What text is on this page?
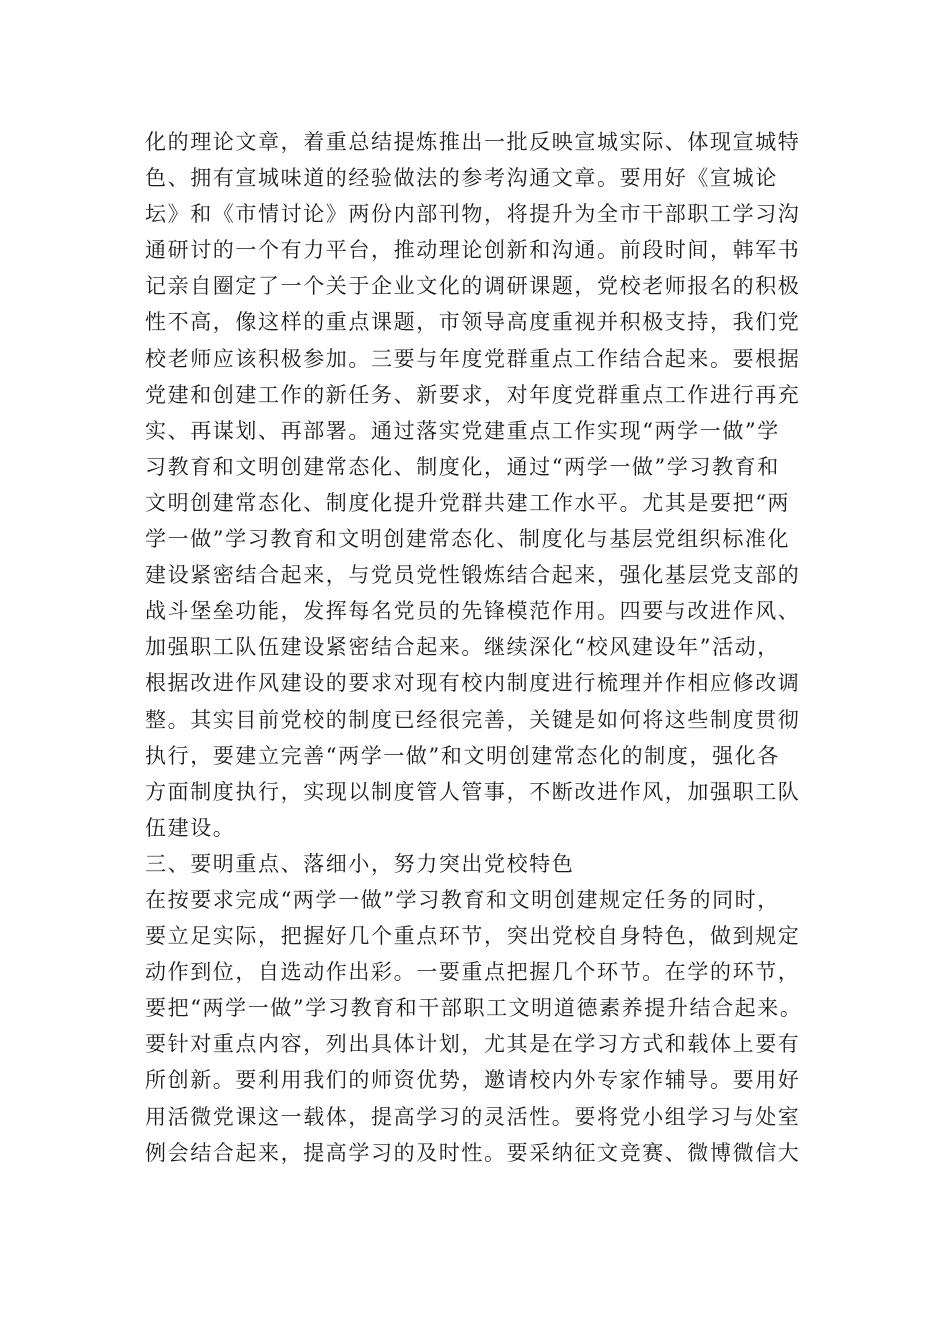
化的理论文章，着重总结提炼推出一批反映宣城实际、体现宣城特
色、拥有宣城味道的经验做法的参考沟通文章。要用好《宣城论
坛》和《市情讨论》两份内部刊物，将提升为全市干部职工学习沟
通研讨的一个有力平台，推动理论创新和沟通。前段时间，韩军书
记亲自圈定了一个关于企业文化的调研课题，党校老师报名的积极
性不高，像这样的重点课题，市领导高度重视并积极支持，我们党
校老师应该积极参加。三要与年度党群重点工作结合起来。要根据
党建和创建工作的新任务、新要求，对年度党群重点工作进行再充
实、再谋划、再部署。通过落实党建重点工作实现“两学一做”学
习教育和文明创建常态化、制度化，通过“两学一做”学习教育和
文明创建常态化、制度化提升党群共建工作水平。尤其是要把“两
学一做”学习教育和文明创建常态化、制度化与基层党组织标准化
建设紧密结合起来，与党员党性锻炼结合起来，强化基层党支部的
战斗堡垒功能，发挥每名党员的先锋模范作用。四要与改进作风、
加强职工队伍建设紧密结合起来。继续深化“校风建设年”活动，
根据改进作风建设的要求对现有校内制度进行梳理并作相应修改调
整。其实目前党校的制度已经很完善，关键是如何将这些制度贯彻
执行，要建立完善“两学一做”和文明创建常态化的制度，强化各
方面制度执行，实现以制度管人管事，不断改进作风，加强职工队
伍建设。
三、要明重点、落细小，努力突出党校特色
在按要求完成“两学一做”学习教育和文明创建规定任务的同时，
要立足实际，把握好几个重点环节，突出党校自身特色，做到规定
动作到位，自选动作出彩。一要重点把握几个环节。在学的环节，
要把“两学一做”学习教育和干部职工文明道德素养提升结合起来。
要针对重点内容，列出具体计划，尤其是在学习方式和载体上要有
所创新。要利用我们的师资优势，邀请校内外专家作辅导。要用好
用活微党课这一载体，提高学习的灵活性。要将党小组学习与处室
例会结合起来，提高学习的及时性。要采纳征文竞赛、微博微信大
